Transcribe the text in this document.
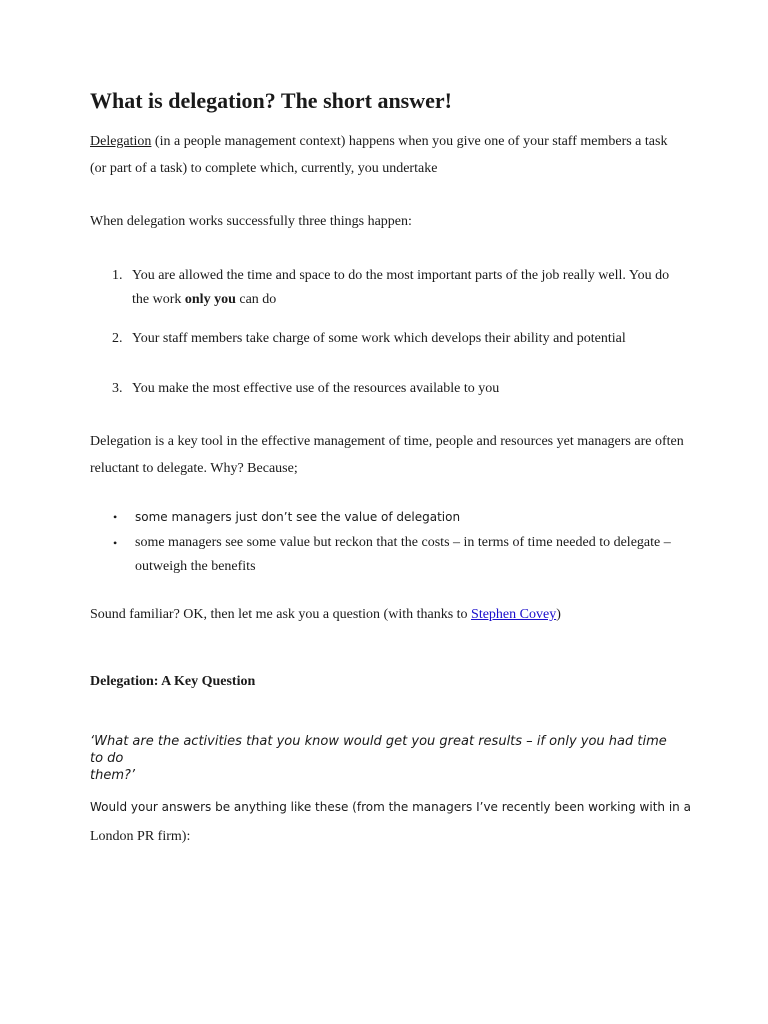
What is delegation? The short answer!

Delegation (in a people management context) happens when you give one of your staff members a task
(or part of a task) to complete which, currently, you undertake

When delegation works successfully three things happen:

1. You are allowed the time and space to do the most important parts of the job really well. You do
the work only you can do
2. Your staff members take charge of some work which develops their ability and potential
3. You make the most effective use of the resources available to you

Delegation is a key tool in the effective management of time, people and resources yet managers are often
reluctant to delegate. Why? Because;

• some managers just don’t see the value of delegation
• some managers see some value but reckon that the costs – in terms of time needed to delegate –
outweigh the benefits

Sound familiar? OK, then let me ask you a question (with thanks to Stephen Covey)

Delegation: A Key Question

‘What are the activities that you know would get you great results – if only you had time to do
them?’

Would your answers be anything like these (from the managers I’ve recently been working with in a
London PR firm):
